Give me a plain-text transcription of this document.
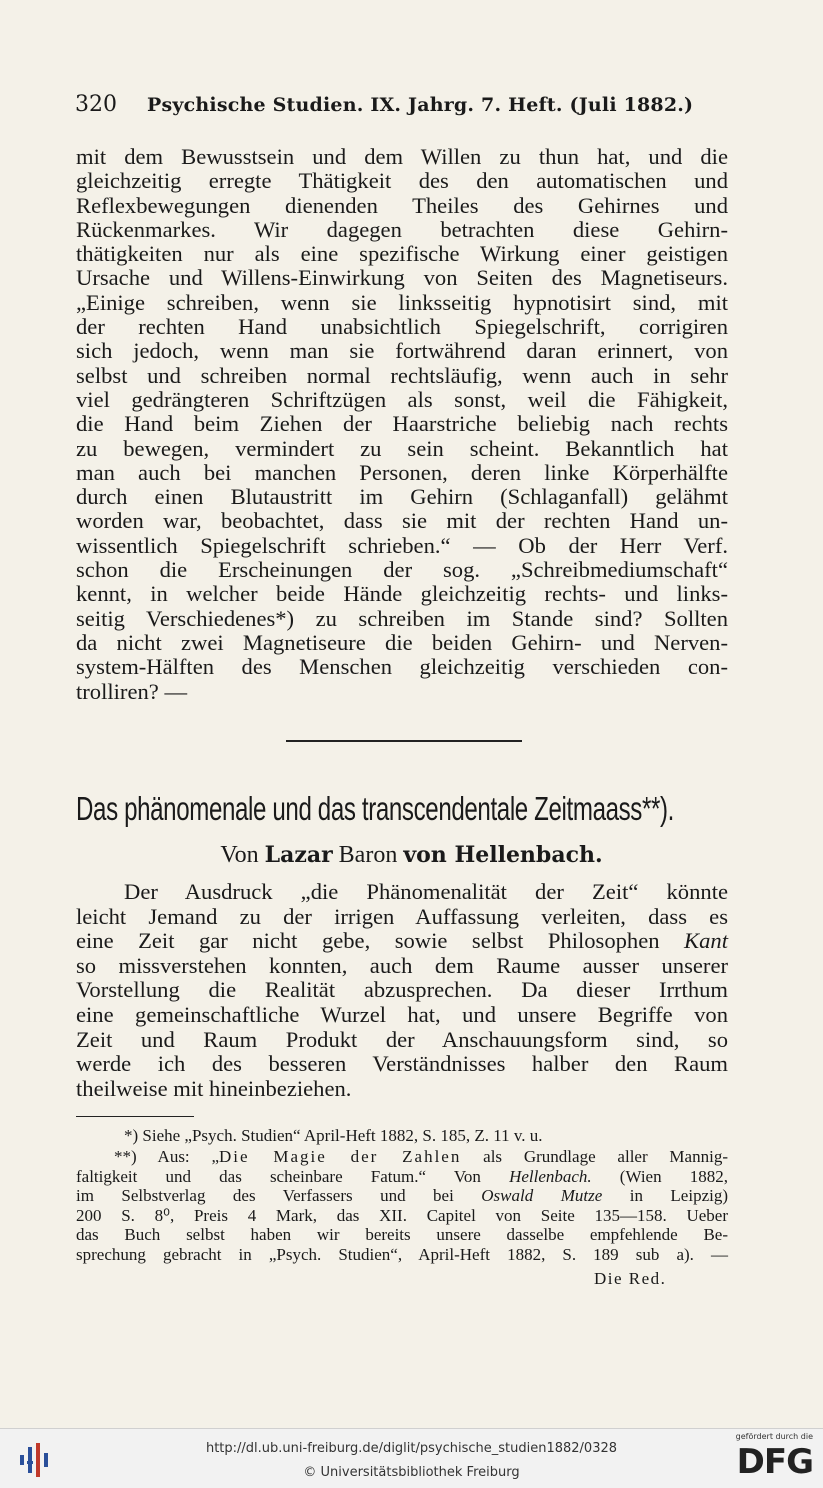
320 Psychische Studien. IX. Jahrg. 7. Heft. (Juli 1882.)
mit dem Bewusstsein und dem Willen zu thun hat, und die
gleichzeitig erregte Thätigkeit des den automatischen und
Reflexbewegungen dienenden Theiles des Gehirnes und
Rückenmarkes. Wir dagegen betrachten diese Gehirn-
thätigkeiten nur als eine spezifische Wirkung einer geistigen
Ursache und Willens-Einwirkung von Seiten des Magnetiseurs.
„Einige schreiben, wenn sie linksseitig hypnotisirt sind, mit
der rechten Hand unabsichtlich Spiegelschrift, corrigiren
sich jedoch, wenn man sie fortwährend daran erinnert, von
selbst und schreiben normal rechtsläufig, wenn auch in sehr
viel gedrängteren Schriftzügen als sonst, weil die Fähigkeit,
die Hand beim Ziehen der Haarstriche beliebig nach rechts
zu bewegen, vermindert zu sein scheint. Bekanntlich hat
man auch bei manchen Personen, deren linke Körperhälfte
durch einen Blutaustritt im Gehirn (Schlaganfall) gelähmt
worden war, beobachtet, dass sie mit der rechten Hand un-
wissentlich Spiegelschrift schrieben.“ — Ob der Herr Verf.
schon die Erscheinungen der sog. „Schreibmediumschaft“
kennt, in welcher beide Hände gleichzeitig rechts- und links-
seitig Verschiedenes*) zu schreiben im Stande sind? Sollten
da nicht zwei Magnetiseure die beiden Gehirn- und Nerven-
system-Hälften des Menschen gleichzeitig verschieden con-
trolliren? —
Das phänomenale und das transcendentale Zeitmaass**).
Von Lazar Baron von Hellenbach.
Der Ausdruck „die Phänomenalität der Zeit“ könnte
leicht Jemand zu der irrigen Auffassung verleiten, dass es
eine Zeit gar nicht gebe, sowie selbst Philosophen Kant
so missverstehen konnten, auch dem Raume ausser unserer
Vorstellung die Realität abzusprechen. Da dieser Irrthum
eine gemeinschaftliche Wurzel hat, und unsere Begriffe von
Zeit und Raum Produkt der Anschauungsform sind, so
werde ich des besseren Verständnisses halber den Raum
theilweise mit hineinbeziehen.
*) Siehe „Psych. Studien“ April-Heft 1882, S. 185, Z. 11 v. u.
**) Aus: „Die Magie der Zahlen als Grundlage aller Mannig-
faltigkeit und das scheinbare Fatum.“ Von Hellenbach. (Wien 1882,
im Selbstverlag des Verfassers und bei Oswald Mutze in Leipzig)
200 S. 8⁰, Preis 4 Mark, das XII. Capitel von Seite 135—158. Ueber
das Buch selbst haben wir bereits unsere dasselbe empfehlende Be-
sprechung gebracht in „Psych. Studien“, April-Heft 1882, S. 189 sub a). —
Die Red.
http://dl.ub.uni-freiburg.de/diglit/psychische_studien1882/0328
© Universitätsbibliothek Freiburg
gefördert durch die
DFG
